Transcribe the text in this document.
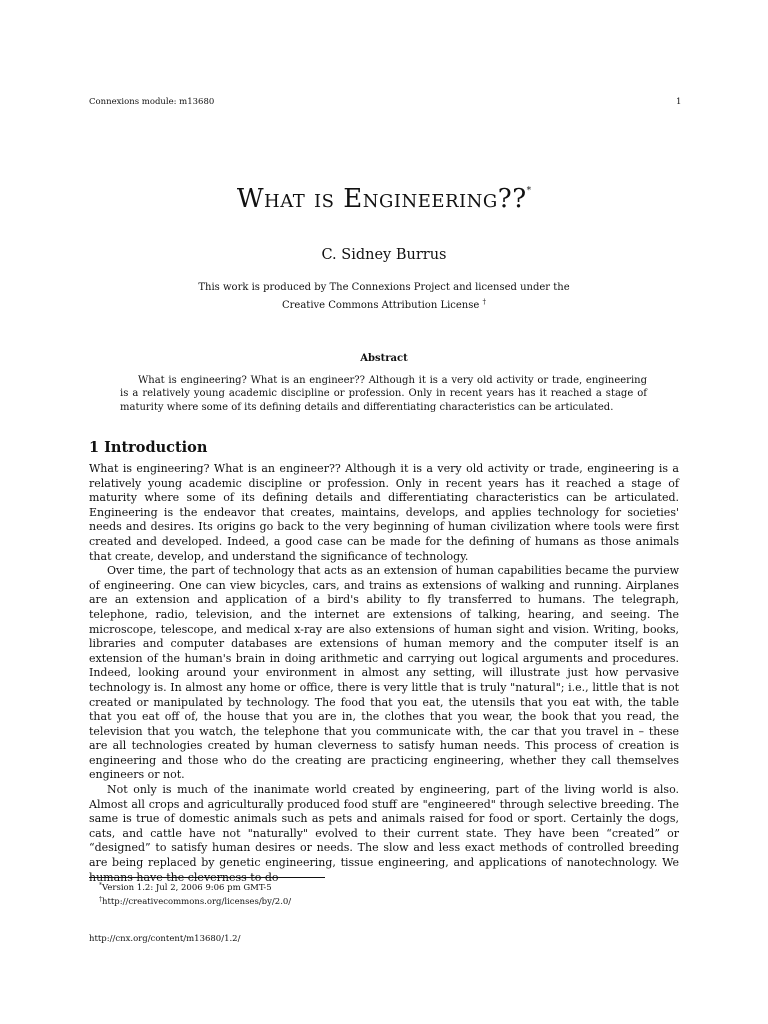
Connexions module: m13680	1
What is Engineering??*
C. Sidney Burrus
This work is produced by The Connexions Project and licensed under the
Creative Commons Attribution License †
Abstract

What is engineering? What is an engineer?? Although it is a very old activity or trade, engineering is a relatively young academic discipline or profession. Only in recent years has it reached a stage of maturity where some of its defining details and differentiating characteristics can be articulated.

1 Introduction

What is engineering? What is an engineer?? Although it is a very old activity or trade, engineering is a relatively young academic discipline or profession. Only in recent years has it reached a stage of maturity where some of its defining details and differentiating characteristics can be articulated. Engineering is the endeavor that creates, maintains, develops, and applies technology for societies' needs and desires. Its origins go back to the very beginning of human civilization where tools were first created and developed. Indeed, a good case can be made for the defining of humans as those animals that create, develop, and understand the significance of technology.

Over time, the part of technology that acts as an extension of human capabilities became the purview of engineering. One can view bicycles, cars, and trains as extensions of walking and running. Airplanes are an extension and application of a bird's ability to fly transferred to humans. The telegraph, telephone, radio, television, and the internet are extensions of talking, hearing, and seeing. The microscope, telescope, and medical x-ray are also extensions of human sight and vision. Writing, books, libraries and computer databases are extensions of human memory and the computer itself is an extension of the human's brain in doing arithmetic and carrying out logical arguments and procedures. Indeed, looking around your environment in almost any setting, will illustrate just how pervasive technology is. In almost any home or office, there is very little that is truly "natural"; i.e., little that is not created or manipulated by technology. The food that you eat, the utensils that you eat with, the table that you eat off of, the house that you are in, the clothes that you wear, the book that you read, the television that you watch, the telephone that you communicate with, the car that you travel in – these are all technologies created by human cleverness to satisfy human needs. This process of creation is engineering and those who do the creating are practicing engineering, whether they call themselves engineers or not.

Not only is much of the inanimate world created by engineering, part of the living world is also. Almost all crops and agriculturally produced food stuff are "engineered" through selective breeding. The same is true of domestic animals such as pets and animals raised for food or sport. Certainly the dogs, cats, and cattle have not "naturally" evolved to their current state. They have been “created” or “designed” to satisfy human desires or needs. The slow and less exact methods of controlled breeding are being replaced by genetic engineering, tissue engineering, and applications of nanotechnology. We humans have the cleverness to do

*Version 1.2: Jul 2, 2006 9:06 pm GMT-5
†http://creativecommons.org/licenses/by/2.0/
http://cnx.org/content/m13680/1.2/
